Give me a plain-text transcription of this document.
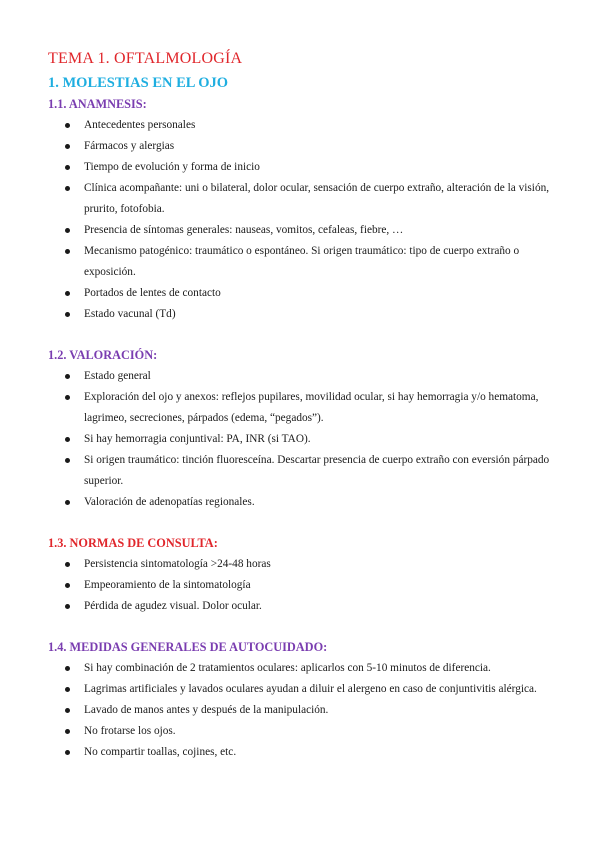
TEMA 1. OFTALMOLOGÍA
1. MOLESTIAS EN EL OJO
1.1. ANAMNESIS:
Antecedentes personales
Fármacos y alergias
Tiempo de evolución y forma de inicio
Clínica acompañante: uni o bilateral, dolor ocular, sensación de cuerpo extraño, alteración de la visión, prurito, fotofobia.
Presencia de síntomas generales: nauseas, vomitos, cefaleas, fiebre, …
Mecanismo patogénico: traumático o espontáneo. Si origen traumático: tipo de cuerpo extraño o exposición.
Portados de lentes de contacto
Estado vacunal (Td)
1.2. VALORACIÓN:
Estado general
Exploración del ojo y anexos: reflejos pupilares, movilidad ocular, si hay hemorragia y/o hematoma, lagrimeo, secreciones, párpados (edema, “pegados”).
Si hay hemorragia conjuntival: PA, INR (si TAO).
Si origen traumático: tinción fluoresceína. Descartar presencia de cuerpo extraño con eversión párpado superior.
Valoración de adenopatías regionales.
1.3. NORMAS DE CONSULTA:
Persistencia sintomatología >24-48 horas
Empeoramiento de la sintomatología
Pérdida de agudez visual. Dolor ocular.
1.4. MEDIDAS GENERALES DE AUTOCUIDADO:
Si hay combinación de 2 tratamientos oculares: aplicarlos con 5-10 minutos de diferencia.
Lagrimas artificiales y lavados oculares ayudan a diluir el alergeno en caso de conjuntivitis alérgica.
Lavado de manos antes y después de la manipulación.
No frotarse los ojos.
No compartir toallas, cojines, etc.
